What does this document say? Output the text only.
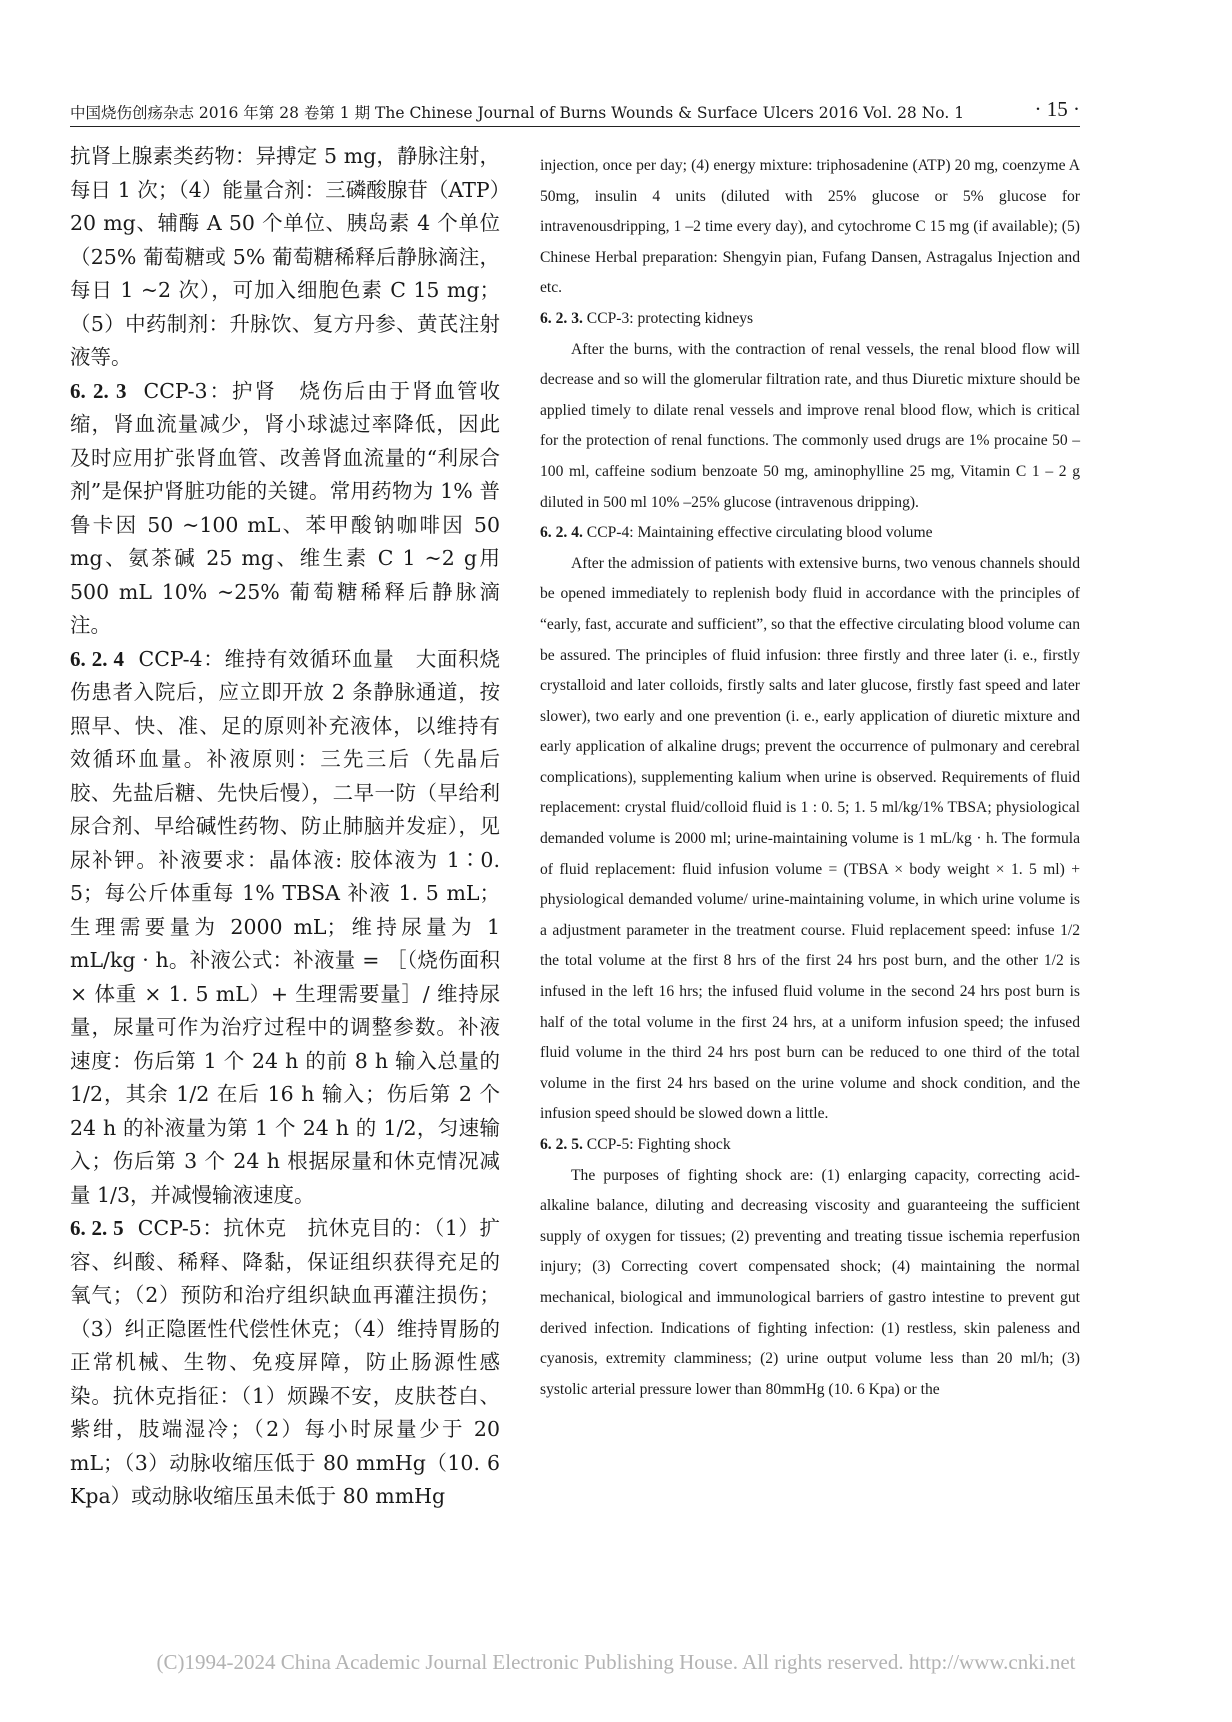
中国烧伤创疡杂志 2016 年第 28 卷第 1 期 The Chinese Journal of Burns Wounds & Surface Ulcers 2016 Vol. 28 No. 1	· 15 ·

抗肾上腺素类药物：异搏定 5 mg，静脉注射，每日 1 次；（4）能量合剂：三磷酸腺苷（ATP）20 mg、辅酶 A 50 个单位、胰岛素 4 个单位（25% 葡萄糖或 5% 葡萄糖稀释后静脉滴注，每日 1 ~2 次），可加入细胞色素 C 15 mg；（5）中药制剂：升脉饮、复方丹参、黄芪注射液等。

6. 2. 3 CCP-3：护肾　烧伤后由于肾血管收缩，肾血流量减少，肾小球滤过率降低，因此及时应用扩张肾血管、改善肾血流量的“利尿合剂”是保护肾脏功能的关键。常用药物为 1% 普鲁卡因 50 ~100 mL、苯甲酸钠咖啡因 50 mg、氨茶碱 25 mg、维生素 C 1 ~2 g用 500 mL 10% ~25% 葡萄糖稀释后静脉滴注。

6. 2. 4 CCP-4：维持有效循环血量　大面积烧伤患者入院后，应立即开放 2 条静脉通道，按照早、快、准、足的原则补充液体，以维持有效循环血量。补液原则：三先三后（先晶后胶、先盐后糖、先快后慢），二早一防（早给利尿合剂、早给碱性药物、防止肺脑并发症），见尿补钾。补液要求：晶体液: 胶体液为 1∶0. 5；每公斤体重每 1% TBSA 补液 1. 5 mL；生理需要量为 2000 mL；维持尿量为 1 mL/kg · h。补液公式：补液量 = ［（烧伤面积 × 体重 × 1. 5 mL）+ 生理需要量］/ 维持尿量，尿量可作为治疗过程中的调整参数。补液速度：伤后第 1 个 24 h 的前 8 h 输入总量的 1/2，其余 1/2 在后 16 h 输入；伤后第 2 个 24 h 的补液量为第 1 个 24 h 的 1/2，匀速输入；伤后第 3 个 24 h 根据尿量和休克情况减量 1/3，并减慢输液速度。

6. 2. 5 CCP-5：抗休克　抗休克目的：（1）扩容、纠酸、稀释、降黏，保证组织获得充足的氧气；（2）预防和治疗组织缺血再灌注损伤；（3）纠正隐匿性代偿性休克；（4）维持胃肠的正常机械、生物、免疫屏障，防止肠源性感染。抗休克指征：（1）烦躁不安，皮肤苍白、紫绀，肢端湿冷；（2）每小时尿量少于 20 mL；（3）动脉收缩压低于 80 mmHg（10. 6 Kpa）或动脉收缩压虽未低于 80 mmHg

injection, once per day; (4) energy mixture: triphosadenine (ATP) 20 mg, coenzyme A 50mg, insulin 4 units (diluted with 25% glucose or 5% glucose for intravenousdripping, 1 –2 time every day), and cytochrome C 15 mg (if available); (5) Chinese Herbal preparation: Shengyin pian, Fufang Dansen, Astragalus Injection and etc.

6. 2. 3. CCP-3: protecting kidneys

After the burns, with the contraction of renal vessels, the renal blood flow will decrease and so will the glomerular filtration rate, and thus Diuretic mixture should be applied timely to dilate renal vessels and improve renal blood flow, which is critical for the protection of renal functions. The commonly used drugs are 1% procaine 50 – 100 ml, caffeine sodium benzoate 50 mg, aminophylline 25 mg, Vitamin C 1 – 2 g diluted in 500 ml 10% –25% glucose (intravenous dripping).

6. 2. 4. CCP-4: Maintaining effective circulating blood volume

After the admission of patients with extensive burns, two venous channels should be opened immediately to replenish body fluid in accordance with the principles of “early, fast, accurate and sufficient”, so that the effective circulating blood volume can be assured. The principles of fluid infusion: three firstly and three later (i. e., firstly crystalloid and later colloids, firstly salts and later glucose, firstly fast speed and later slower), two early and one prevention (i. e., early application of diuretic mixture and early application of alkaline drugs; prevent the occurrence of pulmonary and cerebral complications), supplementing kalium when urine is observed. Requirements of fluid replacement: crystal fluid/colloid fluid is 1 : 0. 5; 1. 5 ml/kg/1% TBSA; physiological demanded volume is 2000 ml; urine-maintaining volume is 1 mL/kg · h. The formula of fluid replacement: fluid infusion volume = (TBSA × body weight × 1. 5 ml) + physiological demanded volume/ urine-maintaining volume, in which urine volume is a adjustment parameter in the treatment course. Fluid replacement speed: infuse 1/2 the total volume at the first 8 hrs of the first 24 hrs post burn, and the other 1/2 is infused in the left 16 hrs; the infused fluid volume in the second 24 hrs post burn is half of the total volume in the first 24 hrs, at a uniform infusion speed; the infused fluid volume in the third 24 hrs post burn can be reduced to one third of the total volume in the first 24 hrs based on the urine volume and shock condition, and the infusion speed should be slowed down a little.

6. 2. 5. CCP-5: Fighting shock

The purposes of fighting shock are: (1) enlarging capacity, correcting acid-alkaline balance, diluting and decreasing viscosity and guaranteeing the sufficient supply of oxygen for tissues; (2) preventing and treating tissue ischemia reperfusion injury; (3) Correcting covert compensated shock; (4) maintaining the normal mechanical, biological and immunological barriers of gastro intestine to prevent gut derived infection. Indications of fighting infection: (1) restless, skin paleness and cyanosis, extremity clamminess; (2) urine output volume less than 20 ml/h; (3) systolic arterial pressure lower than 80mmHg (10. 6 Kpa) or the

(C)1994-2024 China Academic Journal Electronic Publishing House. All rights reserved. http://www.cnki.net
